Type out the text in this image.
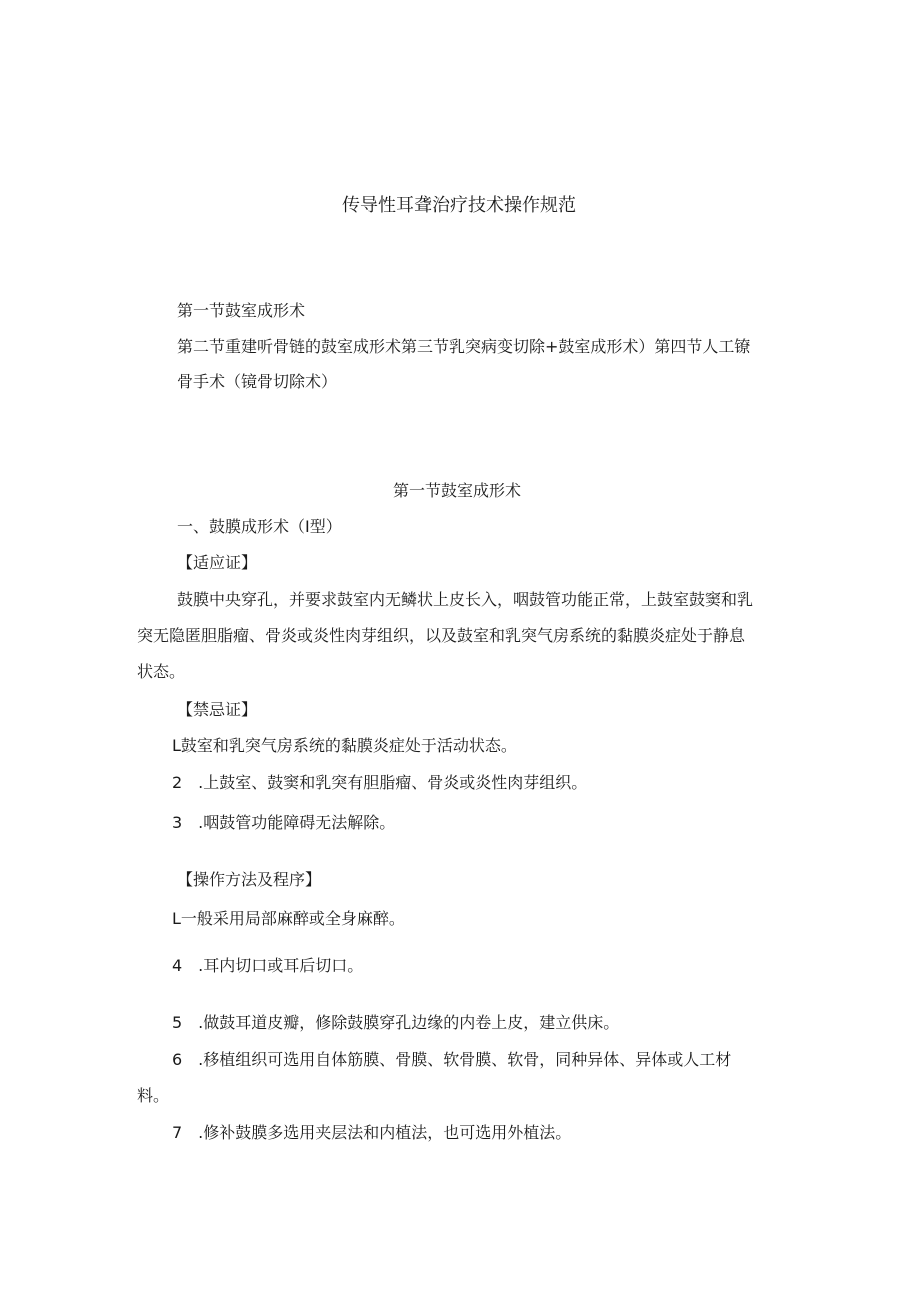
传导性耳聋治疗技术操作规范
第一节鼓室成形术
第二节重建听骨链的鼓室成形术第三节乳突病变切除+鼓室成形术）第四节人工镣
骨手术（镜骨切除术）
第一节鼓室成形术
一、鼓膜成形术（I型）
【适应证】
鼓膜中央穿孔，并要求鼓室内无鳞状上皮长入，咽鼓管功能正常，上鼓室鼓窦和乳
突无隐匿胆脂瘤、骨炎或炎性肉芽组织，以及鼓室和乳突气房系统的黏膜炎症处于静息
状态。
【禁忌证】
L鼓室和乳突气房系统的黏膜炎症处于活动状态。
2　.上鼓室、鼓窦和乳突有胆脂瘤、骨炎或炎性肉芽组织。
3　.咽鼓管功能障碍无法解除。
【操作方法及程序】
L一般采用局部麻醉或全身麻醉。
4　.耳内切口或耳后切口。
5　.做鼓耳道皮瓣，修除鼓膜穿孔边缘的内卷上皮，建立供床。
6　.移植组织可选用自体筋膜、骨膜、软骨膜、软骨，同种异体、异体或人工材
料。
7　.修补鼓膜多选用夹层法和内植法，也可选用外植法。
